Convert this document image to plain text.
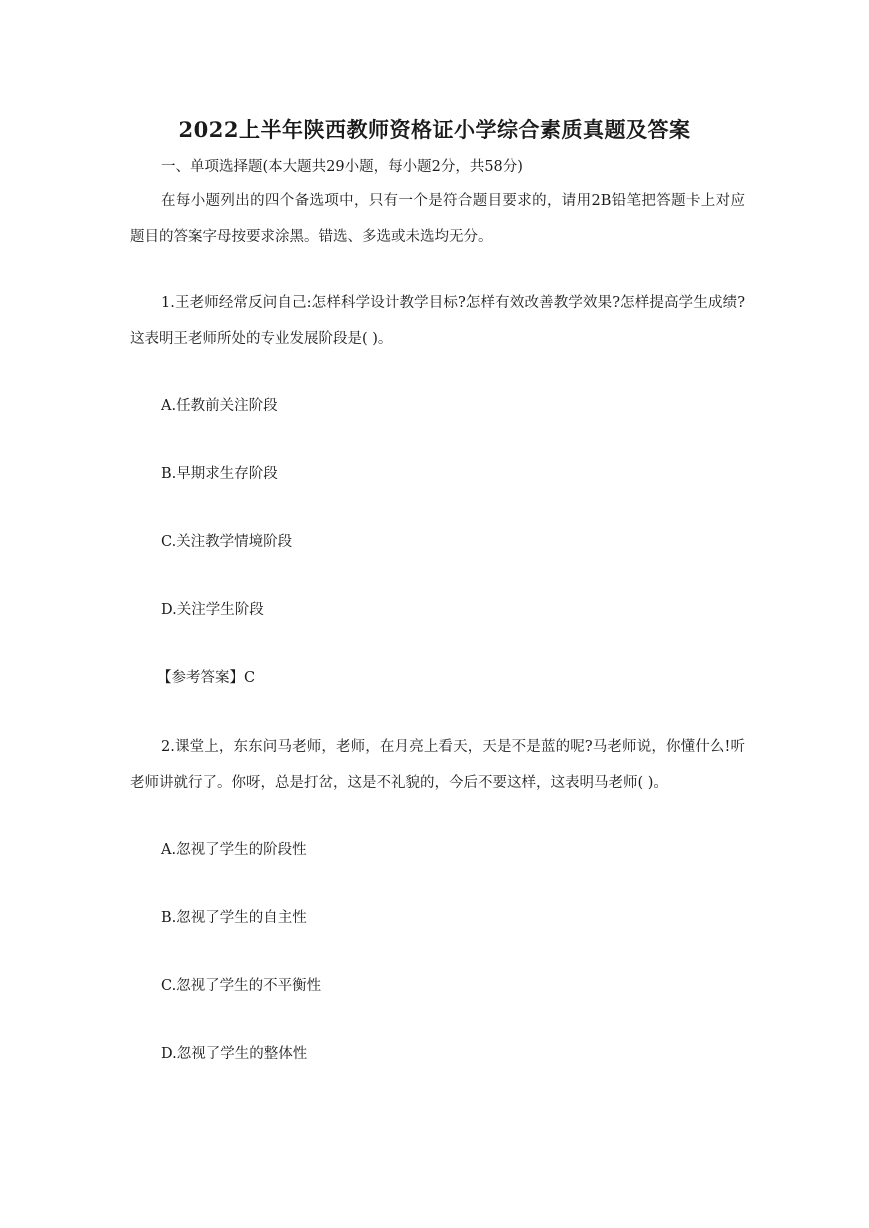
2022上半年陕西教师资格证小学综合素质真题及答案
一、单项选择题(本大题共29小题，每小题2分，共58分)
在每小题列出的四个备选项中，只有一个是符合题目要求的，请用2B铅笔把答题卡上对应题目的答案字母按要求涂黑。错选、多选或未选均无分。
1.王老师经常反问自己:怎样科学设计教学目标?怎样有效改善教学效果?怎样提高学生成绩?这表明王老师所处的专业发展阶段是( )。
A.任教前关注阶段
B.早期求生存阶段
C.关注教学情境阶段
D.关注学生阶段
【参考答案】C
2.课堂上，东东问马老师，老师，在月亮上看天，天是不是蓝的呢?马老师说，你懂什么!听老师讲就行了。你呀，总是打岔，这是不礼貌的，今后不要这样，这表明马老师( )。
A.忽视了学生的阶段性
B.忽视了学生的自主性
C.忽视了学生的不平衡性
D.忽视了学生的整体性
